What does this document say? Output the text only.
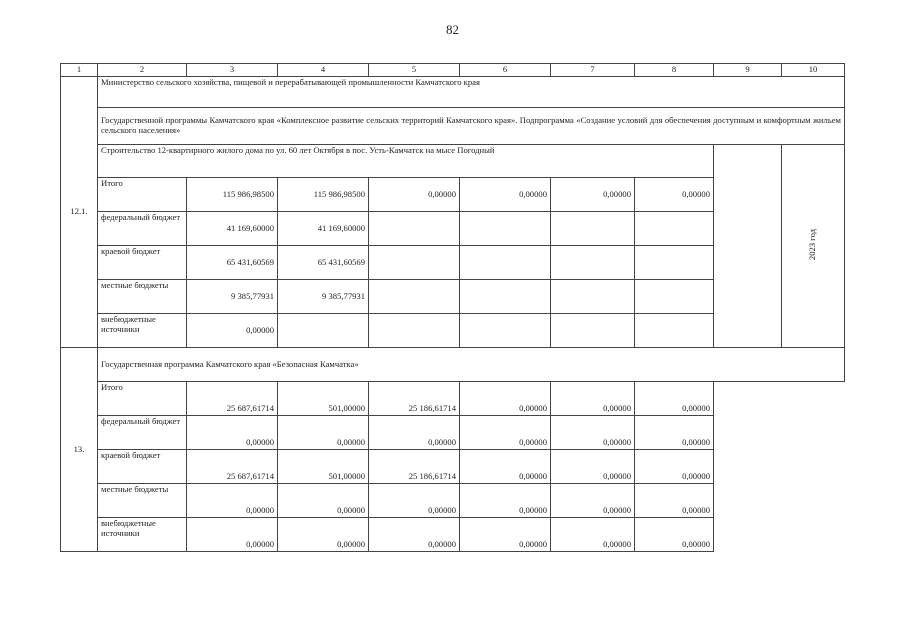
82
1	2	3	4	5	6	7	8	9	10
12.1.	Министерство сельского хозяйства, пищевой и перерабатывающей промышленности Камчатского края								
	Государственной программы Камчатского края «Комплексное развитие сельских территорий Камчатского края». Подпрограмма «Создание условий для обеспечения доступным и комфортным жильем сельского населения»								
	Строительство 12-квартирного жилого дома по ул. 60 лет Октября в пос. Усть-Камчатск на мысе Погодный								2023 год
	Итого	115 986,98500	115 986,98500	0,00000	0,00000	0,00000	0,00000		
	федеральный бюджет	41 169,60000	41 169,60000						
	краевой бюджет	65 431,60569	65 431,60569						
	местные бюджеты	9 385,77931	9 385,77931						
	внебюджетные источники	0,00000							
13.	Государственная программа Камчатского края «Безопасная Камчатка»								
	Итого	25 687,61714	501,00000	25 186,61714	0,00000	0,00000	0,00000		
	федеральный бюджет	0,00000	0,00000	0,00000	0,00000	0,00000	0,00000		
	краевой бюджет	25 687,61714	501,00000	25 186,61714	0,00000	0,00000	0,00000		
	местные бюджеты	0,00000	0,00000	0,00000	0,00000	0,00000	0,00000		
	внебюджетные источники	0,00000	0,00000	0,00000	0,00000	0,00000	0,00000		
